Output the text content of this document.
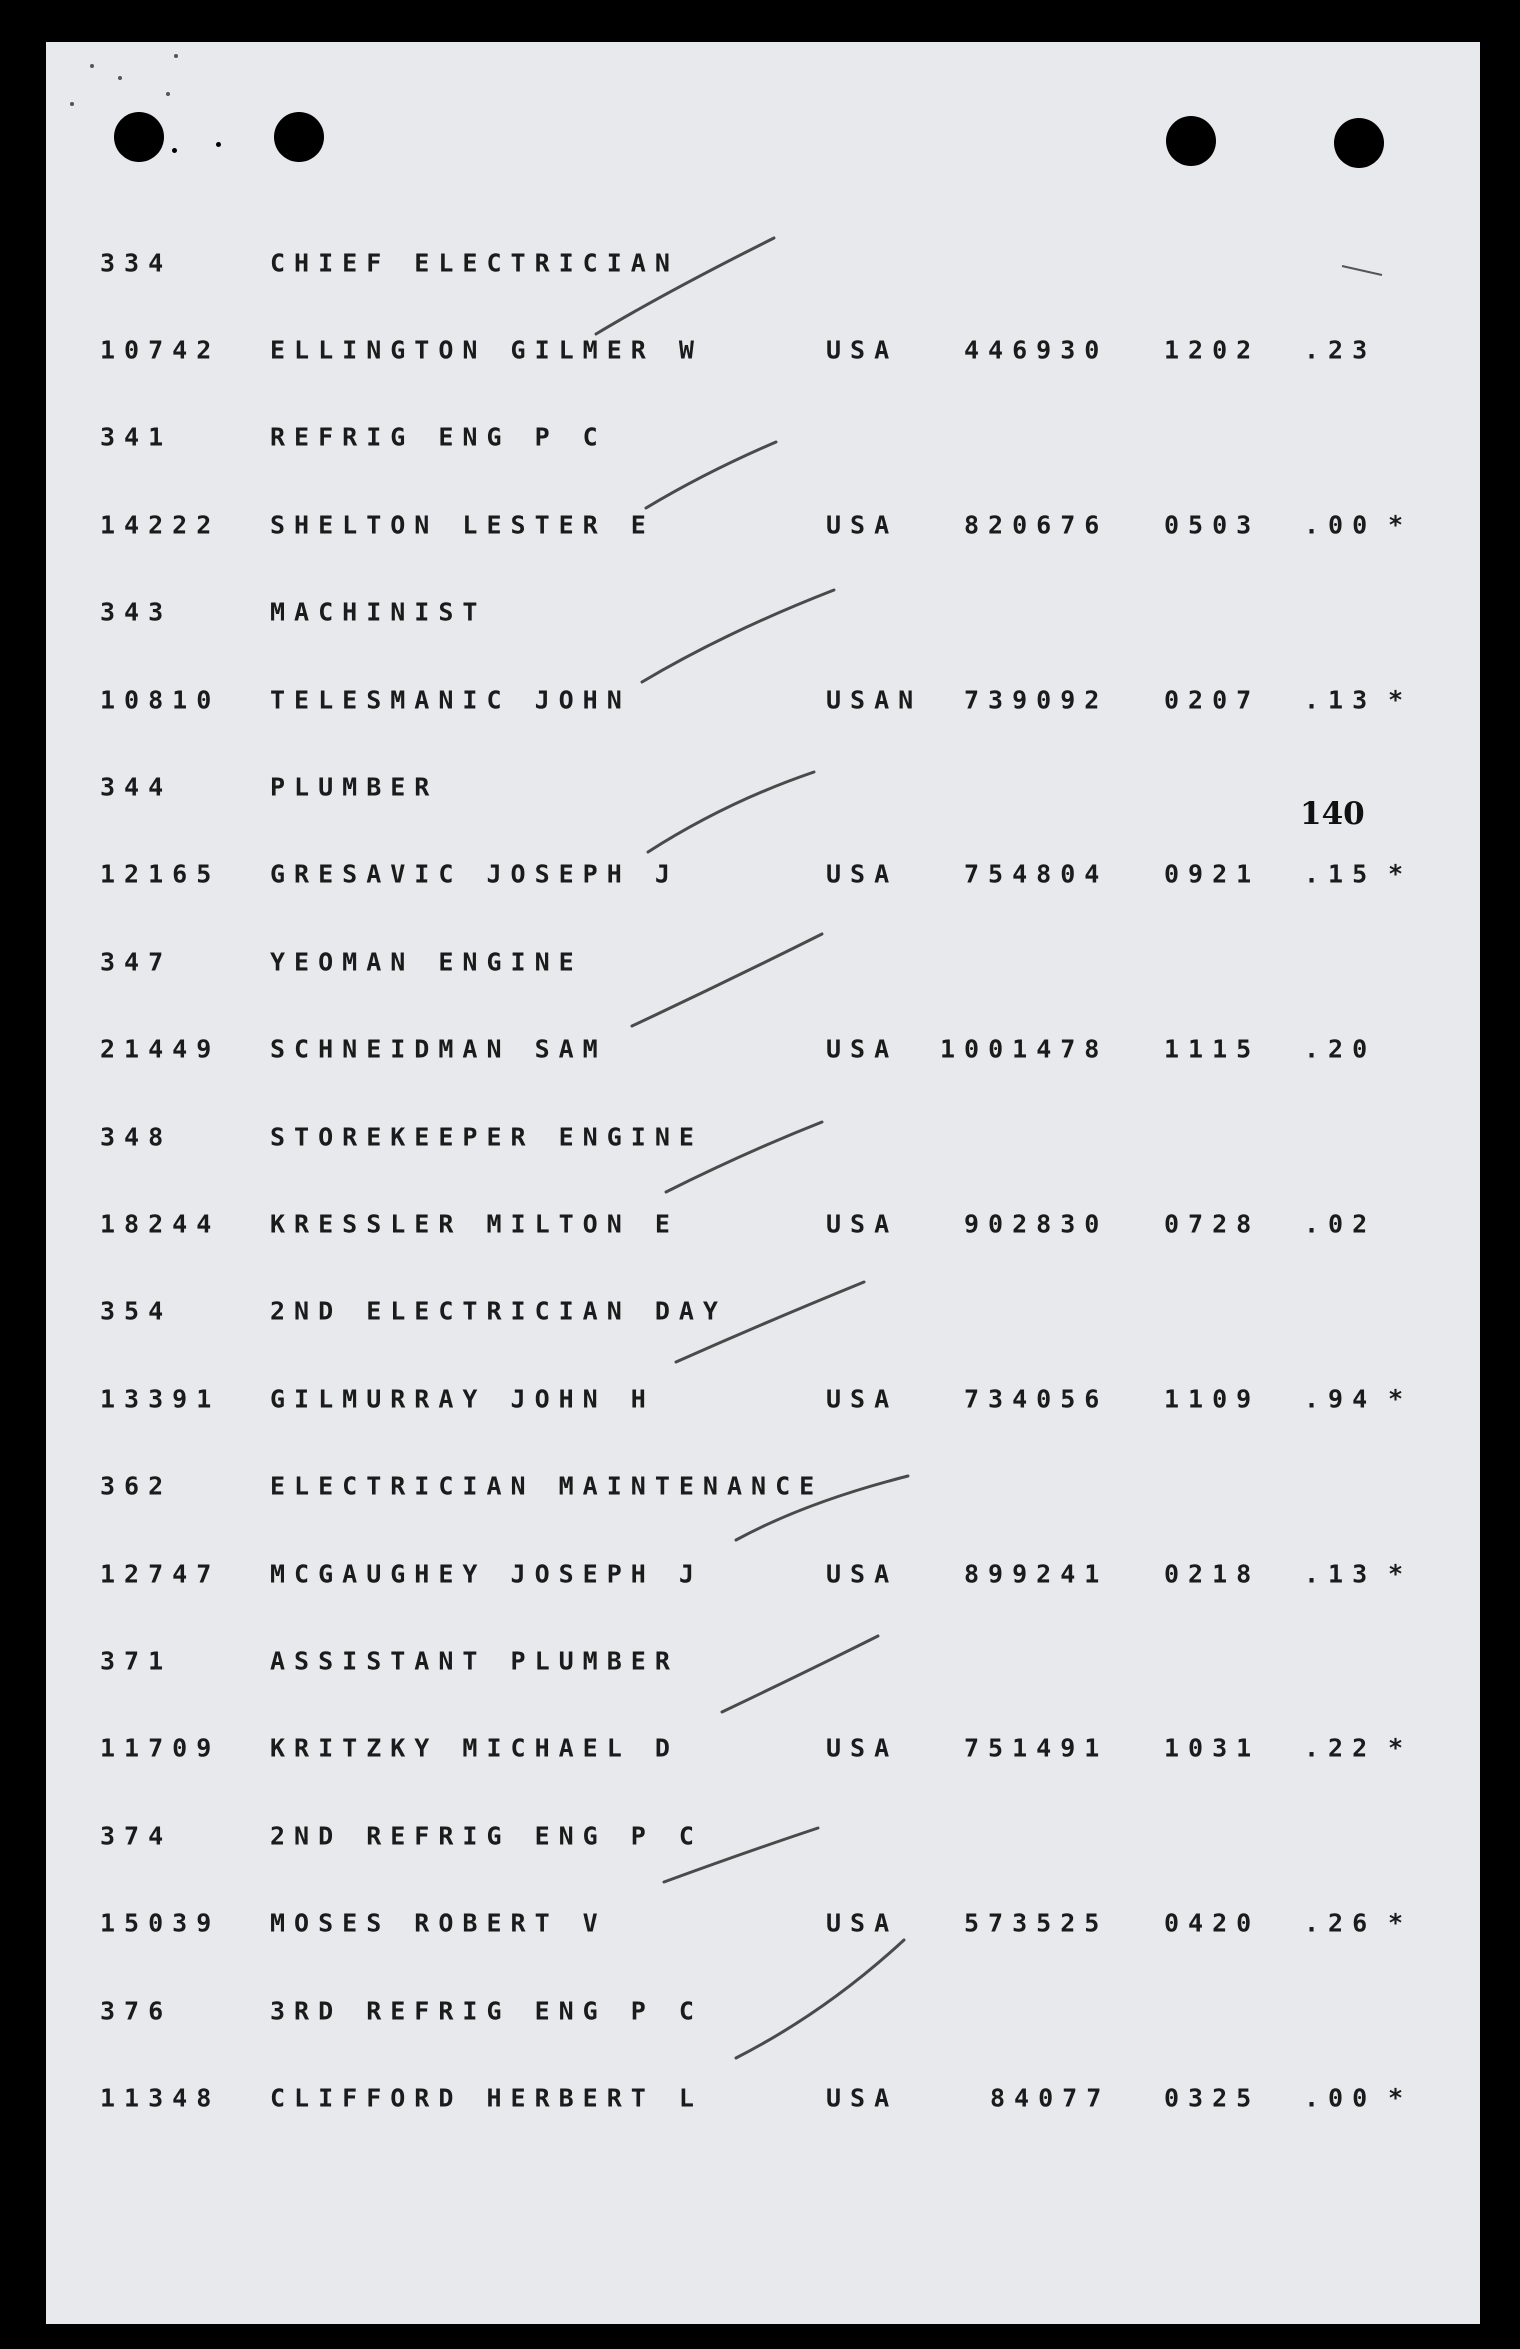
140
334	CHIEF ELECTRICIAN
10742 ELLINGTON GILMER W	USA	446930 1202 .23
341	REFRIG ENG P C
14222 SHELTON LESTER E	USA	820676 0503 .00 *
343	MACHINIST
10810 TELESMANIC JOHN	USAN 739092 0207 .13 *
344	PLUMBER
12165 GRESAVIC JOSEPH J	USA	754804 0921 .15 *
347	YEOMAN ENGINE
21449 SCHNEIDMAN SAM	USA 1001478 1115 .20
348	STOREKEEPER ENGINE
18244 KRESSLER MILTON E	USA	902830 0728 .02
354	2ND ELECTRICIAN DAY
13391 GILMURRAY JOHN H	USA	734056 1109 .94 *
362	ELECTRICIAN MAINTENANCE
12747 MCGAUGHEY JOSEPH J	USA	899241 0218 .13 *
371	ASSISTANT PLUMBER
11709 KRITZKY MICHAEL D	USA	751491 1031 .22 *
374	2ND REFRIG ENG P C
15039 MOSES ROBERT V	USA	573525 0420 .26 *
376	3RD REFRIG ENG P C
11348 CLIFFORD HERBERT L	USA	84077 0325 .00 *
